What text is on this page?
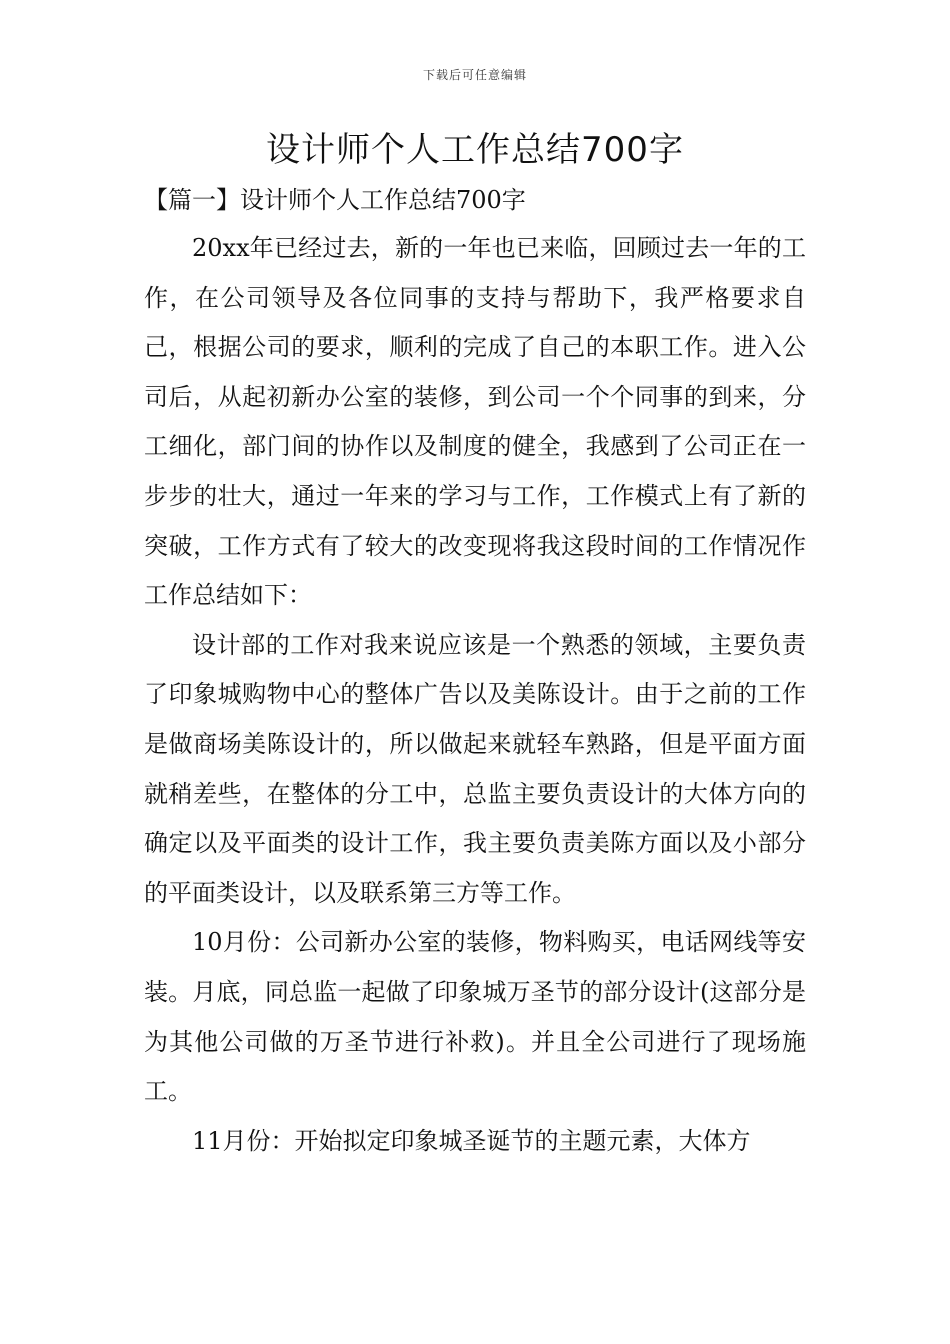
下载后可任意编辑
设计师个人工作总结700字
【篇一】设计师个人工作总结700字

20xx年已经过去，新的一年也已来临，回顾过去一年的工作，在公司领导及各位同事的支持与帮助下，我严格要求自己，根据公司的要求，顺利的完成了自己的本职工作。进入公司后，从起初新办公室的装修，到公司一个个同事的到来，分工细化，部门间的协作以及制度的健全，我感到了公司正在一步步的壮大，通过一年来的学习与工作，工作模式上有了新的突破，工作方式有了较大的改变现将我这段时间的工作情况作工作总结如下：

设计部的工作对我来说应该是一个熟悉的领域，主要负责了印象城购物中心的整体广告以及美陈设计。由于之前的工作是做商场美陈设计的，所以做起来就轻车熟路，但是平面方面就稍差些，在整体的分工中，总监主要负责设计的大体方向的确定以及平面类的设计工作，我主要负责美陈方面以及小部分的平面类设计，以及联系第三方等工作。

10月份：公司新办公室的装修，物料购买，电话网线等安装。月底，同总监一起做了印象城万圣节的部分设计(这部分是为其他公司做的万圣节进行补救)。并且全公司进行了现场施工。

11月份：开始拟定印象城圣诞节的主题元素，大体方
